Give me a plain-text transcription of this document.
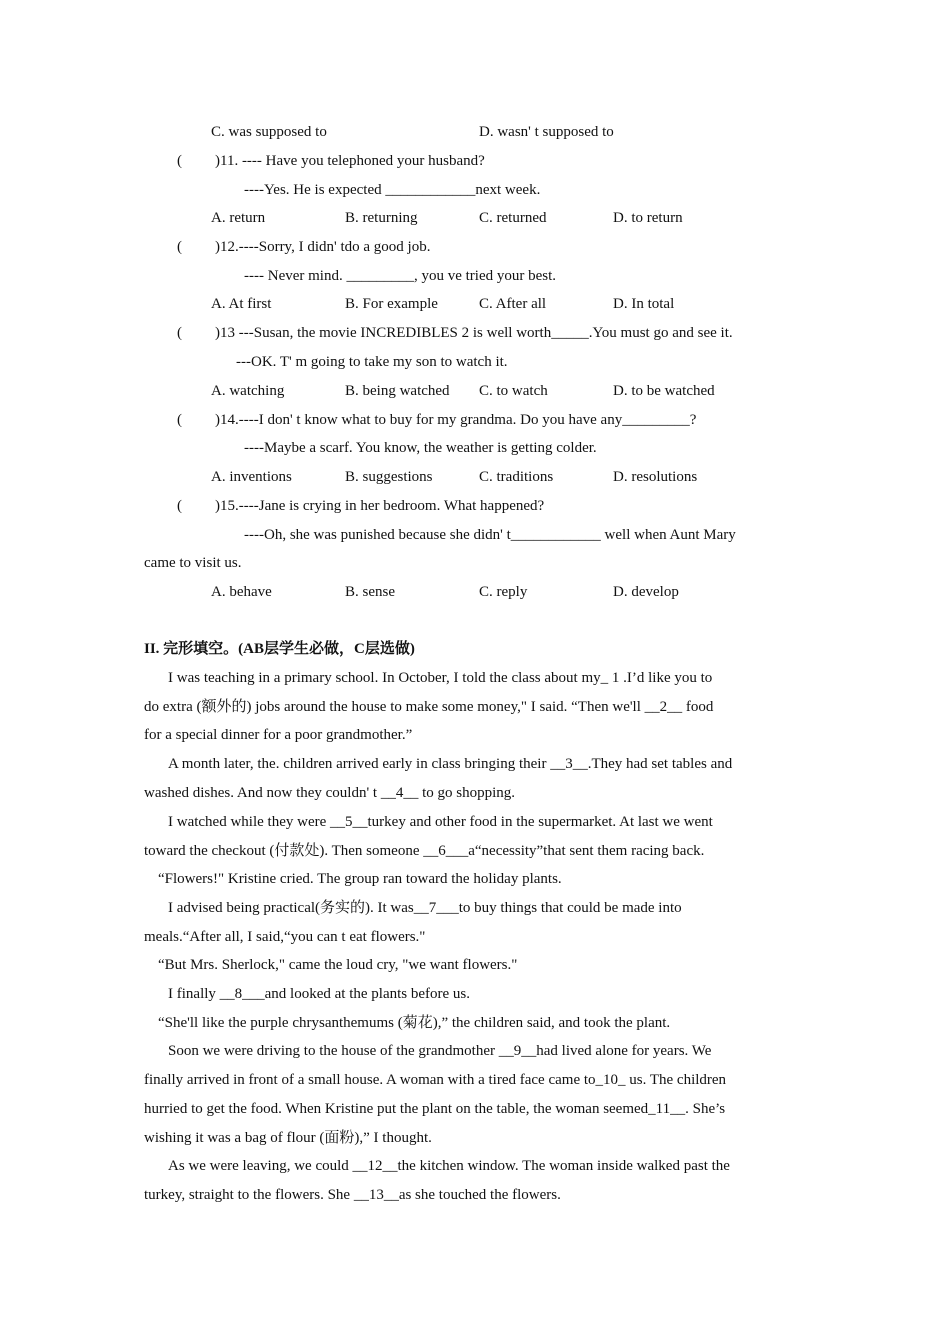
C. was supposed to	D. wasn' t supposed to
( )11. ---- Have you telephoned your husband?
----Yes. He is expected ____________next week.
A. return	B. returning	C. returned	D. to return
( )12.----Sorry, I didn' tdo a good job.
---- Never mind. _________, you ve tried your best.
A. At first	B. For example	C. After all	D. In total
( )13 ---Susan, the movie INCREDIBLES 2 is well worth_____.You must go and see it.
---OK. T' m going to take my son to watch it.
A. watching	B. being watched C. to watch	D. to be watched
( )14.----I don' t know what to buy for my grandma. Do you have any_________?
----Maybe a scarf. You know, the weather is getting colder.
A. inventions	B. suggestions	C. traditions	D. resolutions
( )15.----Jane is crying in her bedroom. What happened?
----Oh, she was punished because she didn' t____________ well when Aunt Mary
came to visit us.
A. behave	B. sense	C. reply	D. develop
II. 完形填空。(AB层学生必做，C层选做)
I was teaching in a primary school. In October, I told the class about my_ 1 .I’d like you to
do extra (额外的) jobs around the house to make some money," I said. “Then we'll __2__ food
for a special dinner for a poor grandmother.”
A month later, the. children arrived early in class bringing their __3__.They had set tables and
washed dishes. And now they couldn' t __4__ to go shopping.
I watched while they were __5__turkey and other food in the supermarket. At last we went
toward the checkout (付款处). Then someone __6___a“necessity”that sent them racing back.
“Flowers!" Kristine cried. The group ran toward the holiday plants.
I advised being practical(务实的). It was__7___to buy things that could be made into
meals.“After all, I said,“you can t eat flowers."
“But Mrs. Sherlock," came the loud cry, "we want flowers."
I finally __8___and looked at the plants before us.
“She'll like the purple chrysanthemums (菊花),” the children said, and took the plant.
Soon we were driving to the house of the grandmother __9__had lived alone for years. We
finally arrived in front of a small house. A woman with a tired face came to_10_ us. The children
hurried to get the food. When Kristine put the plant on the table, the woman seemed_11__. She’s
wishing it was a bag of flour (面粉),” I thought.
As we were leaving, we could __12__the kitchen window. The woman inside walked past the
turkey, straight to the flowers. She __13__as she touched the flowers.
